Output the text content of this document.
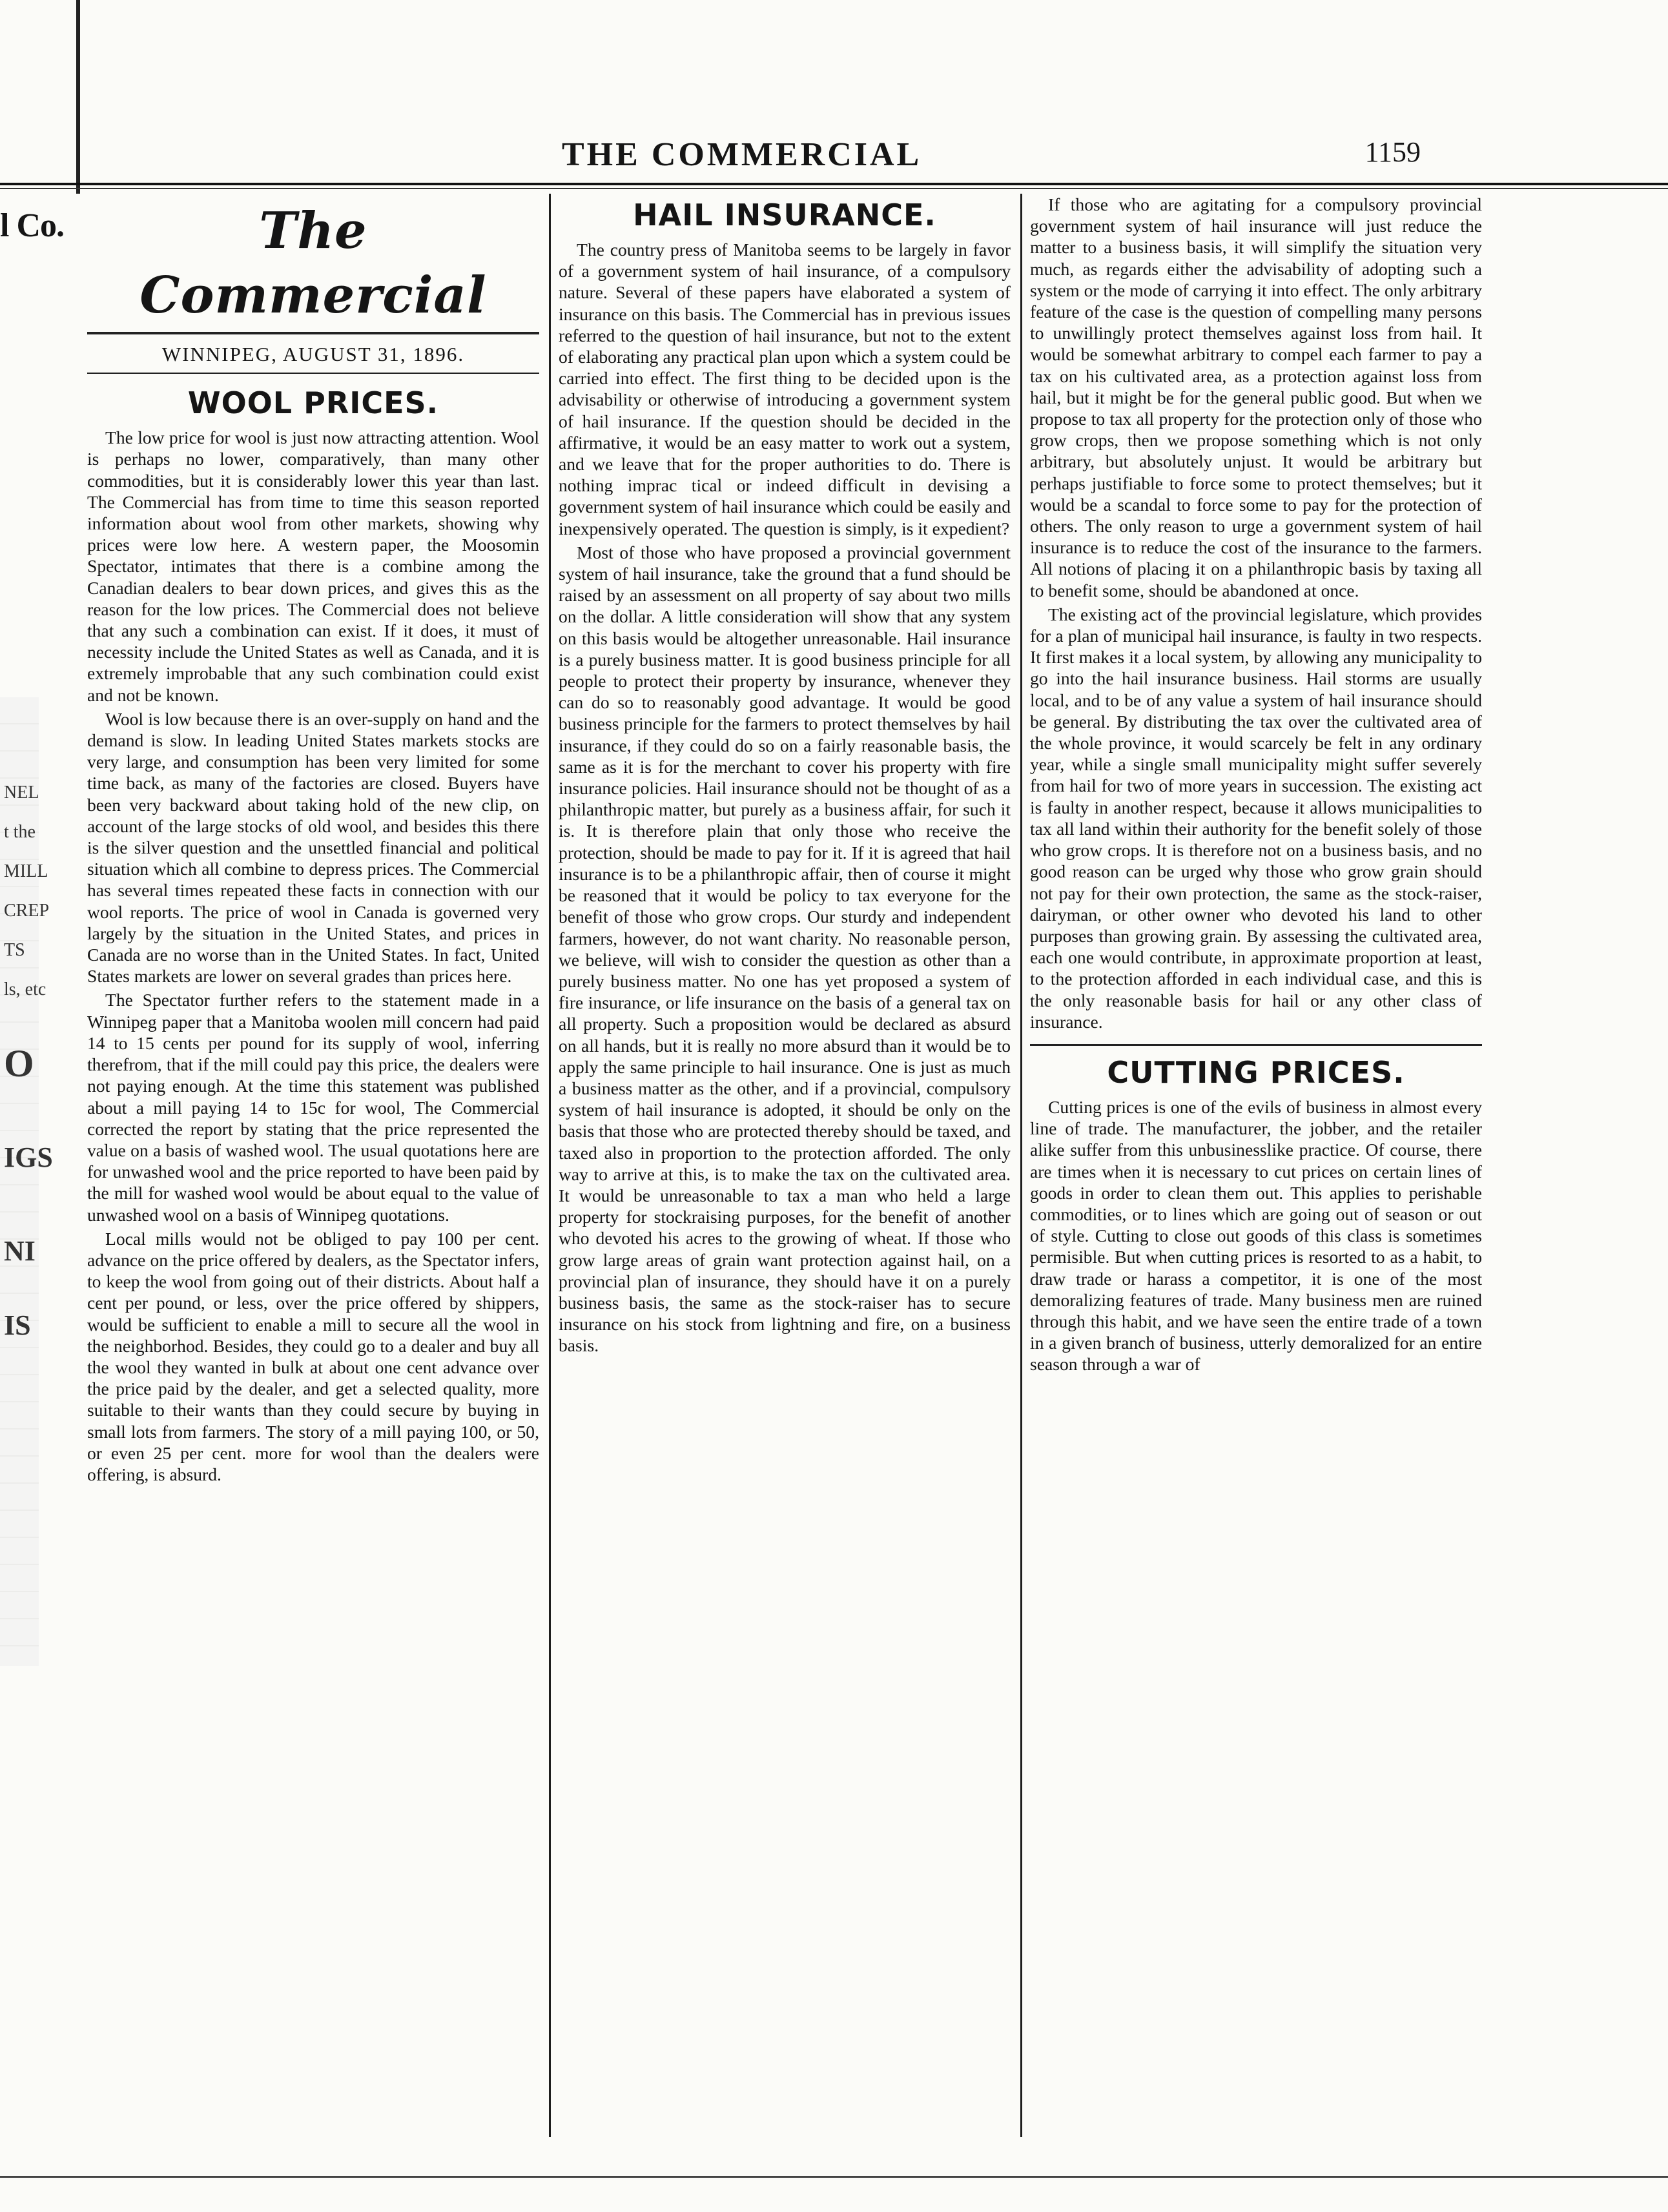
l Co.
NEL
t the
MILL
CREP
TS
ls, etc
O
IGS
NI
IS
THE COMMERCIAL	1159
The Commercial
WINNIPEG, AUGUST 31, 1896.
WOOL PRICES.

The low price for wool is just now attracting attention. Wool is perhaps no lower, comparatively, than many other commodities, but it is considerably lower this year than last. The Commercial has from time to time this season reported information about wool from other markets, showing why prices were low here. A western paper, the Moosomin Spectator, intimates that there is a combine among the Canadian dealers to bear down prices, and gives this as the reason for the low prices. The Commercial does not believe that any such a combination can exist. If it does, it must of necessity include the United States as well as Canada, and it is extremely improbable that any such combination could exist and not be known.

Wool is low because there is an over-supply on hand and the demand is slow. In leading United States markets stocks are very large, and consumption has been very limited for some time back, as many of the factories are closed. Buyers have been very backward about taking hold of the new clip, on account of the large stocks of old wool, and besides this there is the silver question and the unsettled financial and political situation which all combine to depress prices. The Commercial has several times repeated these facts in connection with our wool reports. The price of wool in Canada is governed very largely by the situation in the United States, and prices in Canada are no worse than in the United States. In fact, United States markets are lower on several grades than prices here.

The Spectator further refers to the statement made in a Winnipeg paper that a Manitoba woolen mill concern had paid 14 to 15 cents per pound for its supply of wool, inferring therefrom, that if the mill could pay this price, the dealers were not paying enough. At the time this statement was published about a mill paying 14 to 15c for wool, The Commercial corrected the report by stating that the price represented the value on a basis of washed wool. The usual quotations here are for unwashed wool and the price reported to have been paid by the mill for washed wool would be about equal to the value of unwashed wool on a basis of Winnipeg quotations.

Local mills would not be obliged to pay 100 per cent. advance on the price offered by dealers, as the Spectator infers, to keep the wool from going out of their districts. About half a cent per pound, or less, over the price offered by shippers, would be sufficient to enable a mill to secure all the wool in the neighborhod. Besides, they could go to a dealer and buy all the wool they wanted in bulk at about one cent advance over the price paid by the dealer, and get a selected quality, more suitable to their wants than they could secure by buying in small lots from farmers. The story of a mill paying 100, or 50, or even 25 per cent. more for wool than the dealers were offering, is absurd.

HAIL INSURANCE.

The country press of Manitoba seems to be largely in favor of a government system of hail insurance, of a compulsory nature. Several of these papers have elaborated a system of insurance on this basis. The Commercial has in previous issues referred to the question of hail insurance, but not to the extent of elaborating any practical plan upon which a system could be carried into effect. The first thing to be decided upon is the advisability or otherwise of introducing a government system of hail insurance. If the question should be decided in the affirmative, it would be an easy matter to work out a system, and we leave that for the proper authorities to do. There is nothing imprac tical or indeed difficult in devising a government system of hail insurance which could be easily and inexpensively operated. The question is simply, is it expedient?

Most of those who have proposed a provincial government system of hail insurance, take the ground that a fund should be raised by an assessment on all property of say about two mills on the dollar. A little consideration will show that any system on this basis would be altogether unreasonable. Hail insurance is a purely business matter. It is good business principle for all people to protect their property by insurance, whenever they can do so to reasonably good advantage. It would be good business principle for the farmers to protect themselves by hail insurance, if they could do so on a fairly reasonable basis, the same as it is for the merchant to cover his property with fire insurance policies. Hail insurance should not be thought of as a philanthropic matter, but purely as a business affair, for such it is. It is therefore plain that only those who receive the protection, should be made to pay for it. If it is agreed that hail insurance is to be a philanthropic affair, then of course it might be reasoned that it would be policy to tax everyone for the benefit of those who grow crops. Our sturdy and independent farmers, however, do not want charity. No reasonable person, we believe, will wish to consider the question as other than a purely business matter. No one has yet proposed a system of fire insurance, or life insurance on the basis of a general tax on all property. Such a proposition would be declared as absurd on all hands, but it is really no more absurd than it would be to apply the same principle to hail insurance. One is just as much a business matter as the other, and if a provincial, compulsory system of hail insurance is adopted, it should be only on the basis that those who are protected thereby should be taxed, and taxed also in proportion to the protection afforded. The only way to arrive at this, is to make the tax on the cultivated area. It would be unreasonable to tax a man who held a large property for stockraising purposes, for the benefit of another who devoted his acres to the growing of wheat. If those who grow large areas of grain want protection against hail, on a provincial plan of insurance, they should have it on a purely business basis, the same as the stock-raiser has to secure insurance on his stock from lightning and fire, on a business basis.

If those who are agitating for a compulsory provincial government system of hail insurance will just reduce the matter to a business basis, it will simplify the situation very much, as regards either the advisability of adopting such a system or the mode of carrying it into effect. The only arbitrary feature of the case is the question of compelling many persons to unwillingly protect themselves against loss from hail. It would be somewhat arbitrary to compel each farmer to pay a tax on his cultivated area, as a protection against loss from hail, but it might be for the general public good. But when we propose to tax all property for the protection only of those who grow crops, then we propose something which is not only arbitrary, but absolutely unjust. It would be arbitrary but perhaps justifiable to force some to protect themselves; but it would be a scandal to force some to pay for the protection of others. The only reason to urge a government system of hail insurance is to reduce the cost of the insurance to the farmers. All notions of placing it on a philanthropic basis by taxing all to benefit some, should be abandoned at once.

The existing act of the provincial legislature, which provides for a plan of municipal hail insurance, is faulty in two respects. It first makes it a local system, by allowing any municipality to go into the hail insurance business. Hail storms are usually local, and to be of any value a system of hail insurance should be general. By distributing the tax over the cultivated area of the whole province, it would scarcely be felt in any ordinary year, while a single small municipality might suffer severely from hail for two of more years in succession. The existing act is faulty in another respect, because it allows municipalities to tax all land within their authority for the benefit solely of those who grow crops. It is therefore not on a business basis, and no good reason can be urged why those who grow grain should not pay for their own protection, the same as the stock-raiser, dairyman, or other owner who devoted his land to other purposes than growing grain. By assessing the cultivated area, each one would contribute, in approximate proportion at least, to the protection afforded in each individual case, and this is the only reasonable basis for hail or any other class of insurance.

CUTTING PRICES.

Cutting prices is one of the evils of business in almost every line of trade. The manufacturer, the jobber, and the retailer alike suffer from this unbusinesslike practice. Of course, there are times when it is necessary to cut prices on certain lines of goods in order to clean them out. This applies to perishable commodities, or to lines which are going out of season or out of style. Cutting to close out goods of this class is sometimes permisible. But when cutting prices is resorted to as a habit, to draw trade or harass a competitor, it is one of the most demoralizing features of trade. Many business men are ruined through this habit, and we have seen the entire trade of a town in a given branch of business, utterly demoralized for an entire season through a war of
